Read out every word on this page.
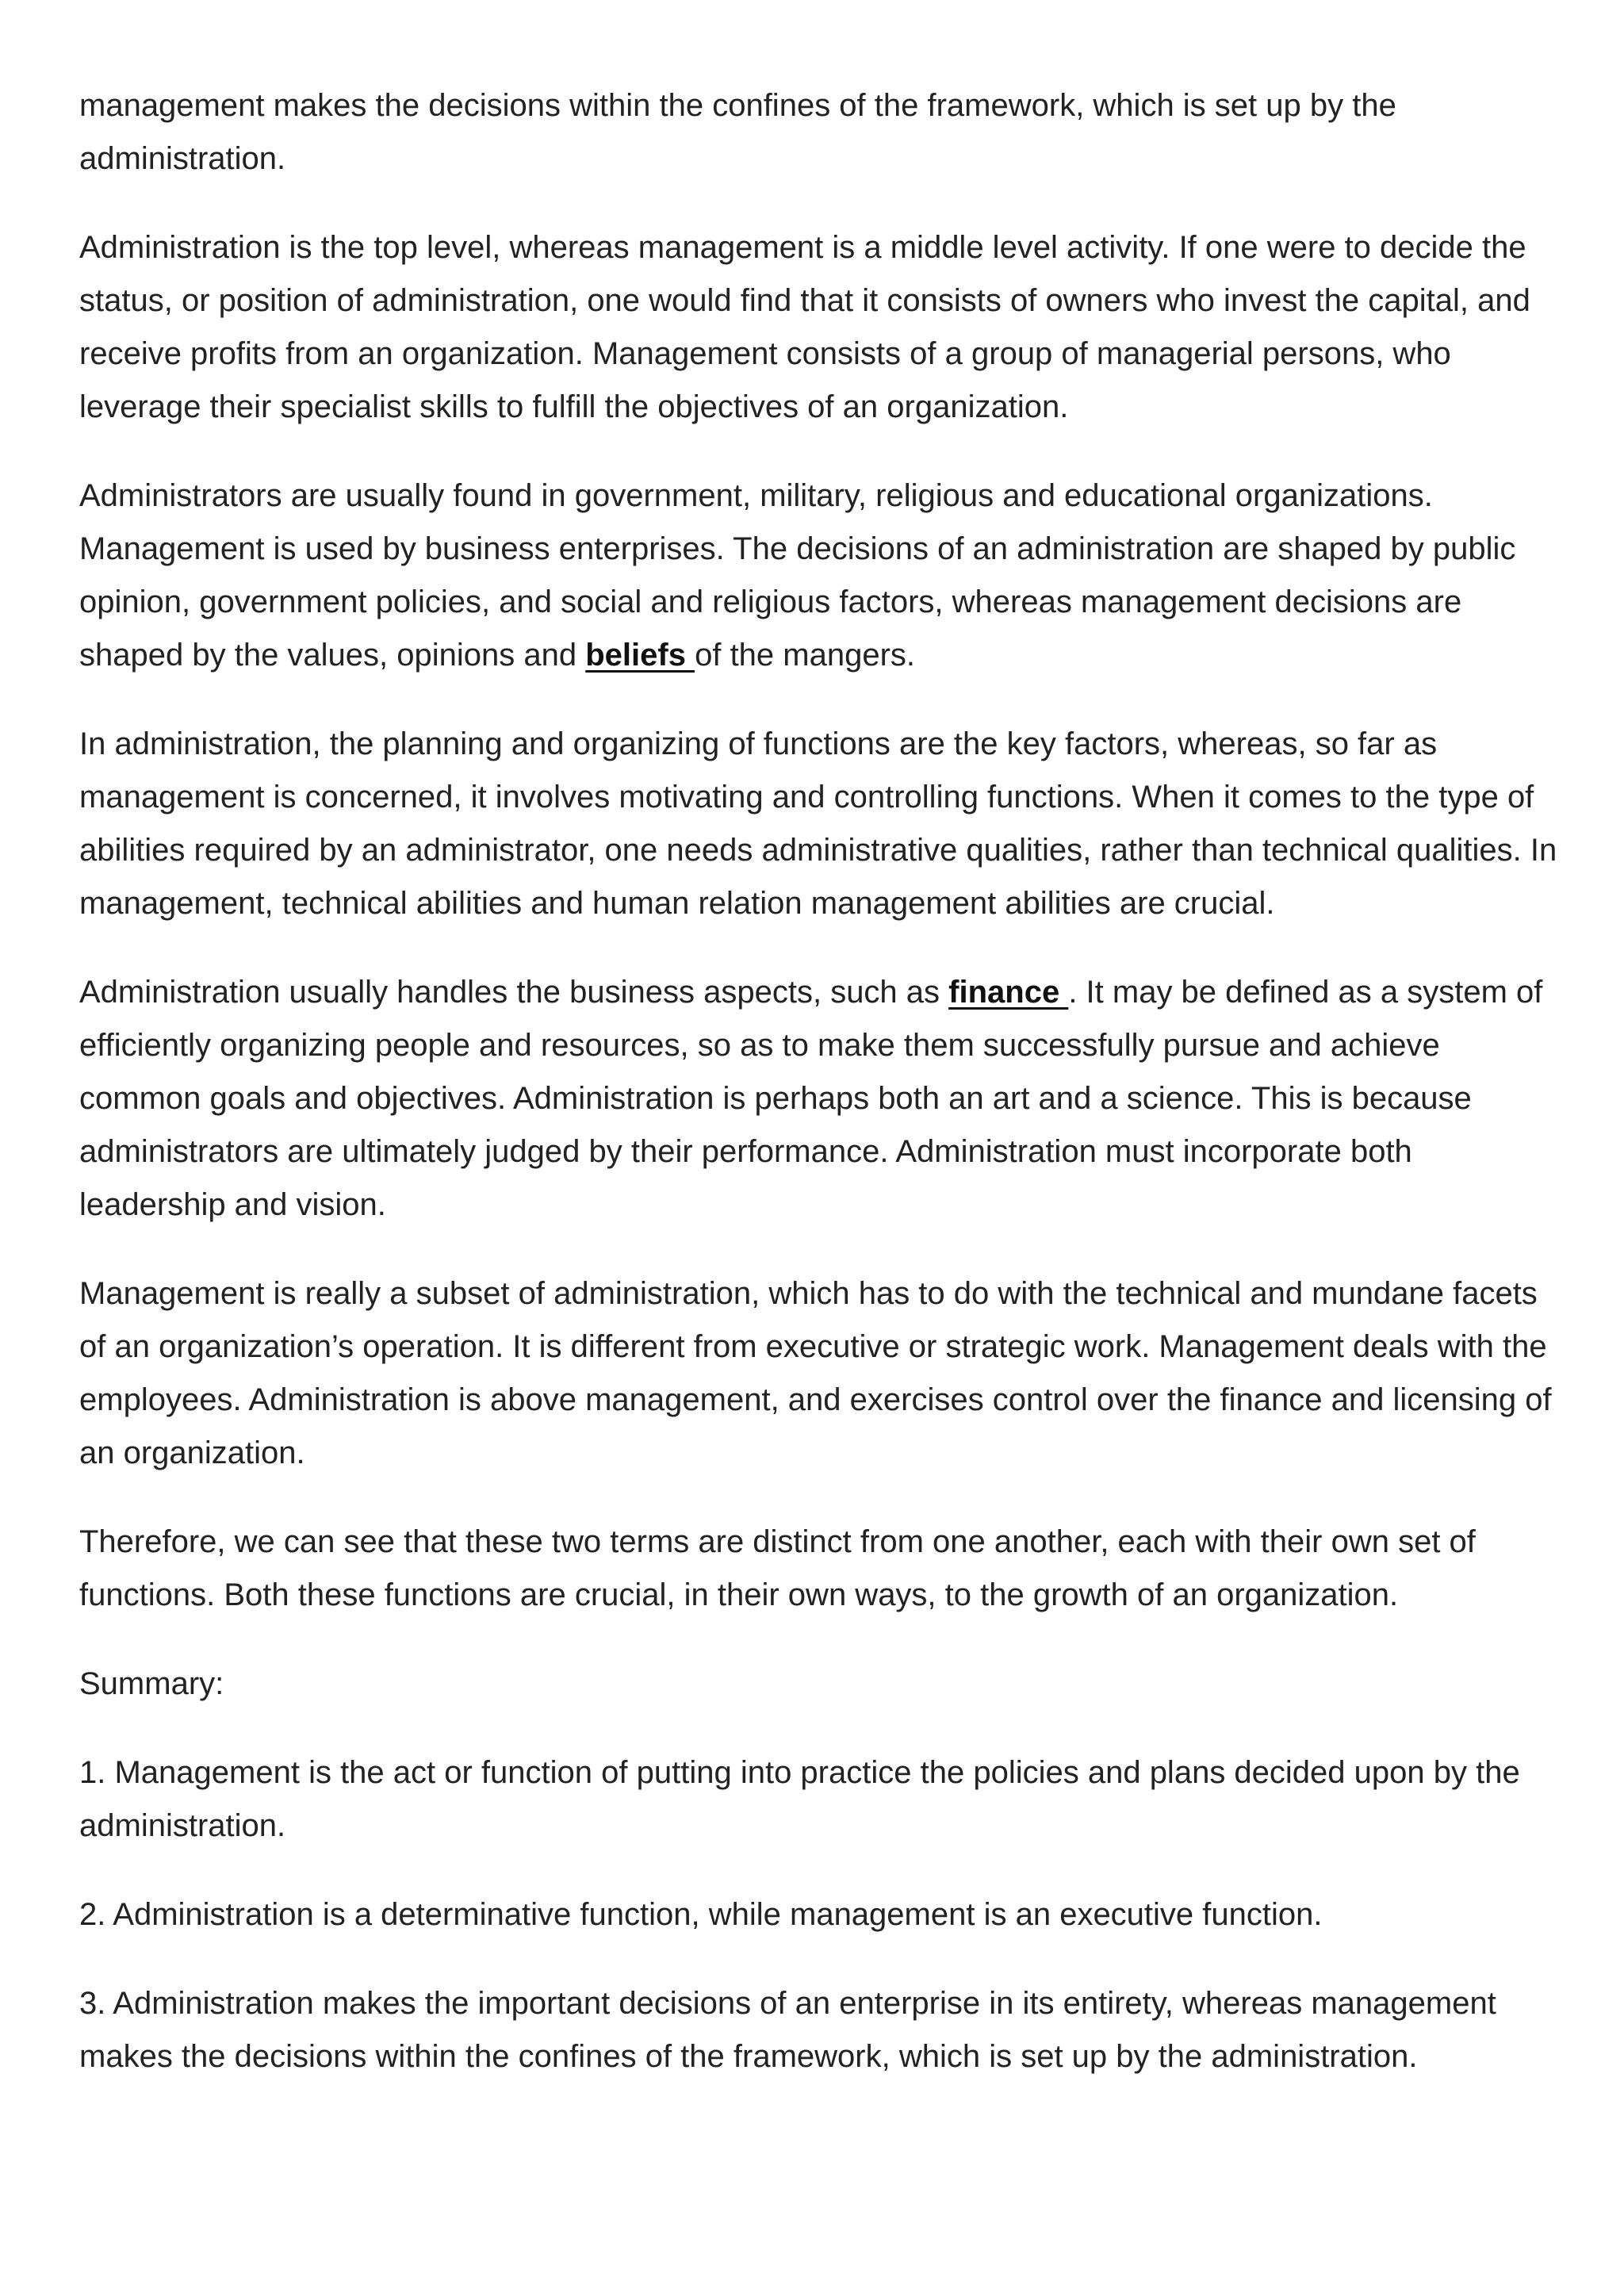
management makes the decisions within the confines of the framework, which is set up by the administration.

Administration is the top level, whereas management is a middle level activity. If one were to decide the status, or position of administration, one would find that it consists of owners who invest the capital, and receive profits from an organization. Management consists of a group of managerial persons, who leverage their specialist skills to fulfill the objectives of an organization.

Administrators are usually found in government, military, religious and educational organizations. Management is used by business enterprises. The decisions of an administration are shaped by public opinion, government policies, and social and religious factors, whereas management decisions are shaped by the values, opinions and beliefs of the mangers.

In administration, the planning and organizing of functions are the key factors, whereas, so far as management is concerned, it involves motivating and controlling functions. When it comes to the type of abilities required by an administrator, one needs administrative qualities, rather than technical qualities. In management, technical abilities and human relation management abilities are crucial.

Administration usually handles the business aspects, such as finance . It may be defined as a system of efficiently organizing people and resources, so as to make them successfully pursue and achieve common goals and objectives. Administration is perhaps both an art and a science. This is because administrators are ultimately judged by their performance. Administration must incorporate both leadership and vision.

Management is really a subset of administration, which has to do with the technical and mundane facets of an organization’s operation. It is different from executive or strategic work. Management deals with the employees. Administration is above management, and exercises control over the finance and licensing of an organization.

Therefore, we can see that these two terms are distinct from one another, each with their own set of functions. Both these functions are crucial, in their own ways, to the growth of an organization.

Summary:

1. Management is the act or function of putting into practice the policies and plans decided upon by the administration.

2. Administration is a determinative function, while management is an executive function.

3. Administration makes the important decisions of an enterprise in its entirety, whereas management makes the decisions within the confines of the framework, which is set up by the administration.
